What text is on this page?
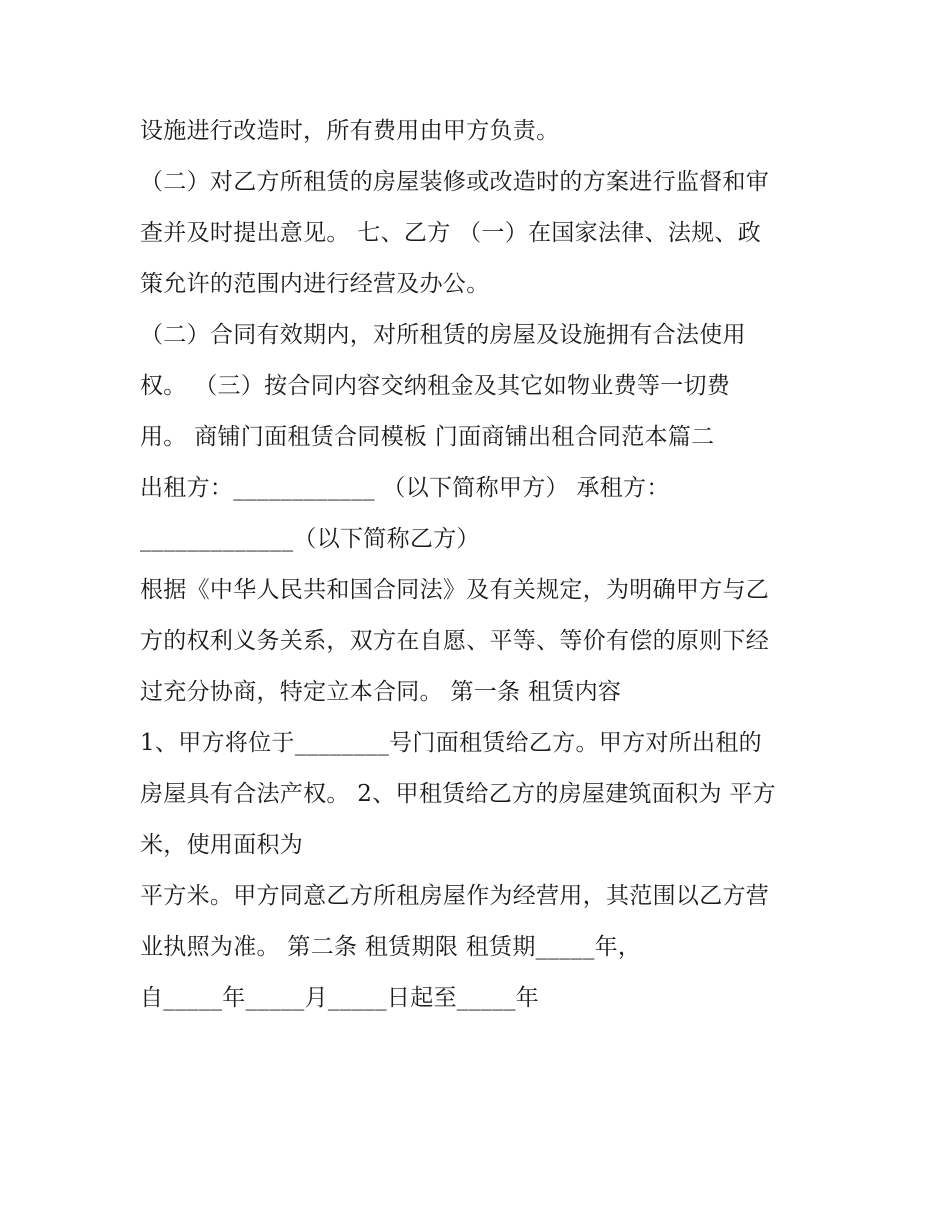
设施进行改造时，所有费用由甲方负责。
（二）对乙方所租赁的房屋装修或改造时的方案进行监督和审
查并及时提出意见。 七、乙方 （一）在国家法律、法规、政
策允许的范围内进行经营及办公。
（二）合同有效期内，对所租赁的房屋及设施拥有合法使用
权。 （三）按合同内容交纳租金及其它如物业费等一切费
用。 商铺门面租赁合同模板 门面商铺出租合同范本篇二
出租方：____________ （以下简称甲方） 承租方：
_____________（以下简称乙方）
根据《中华人民共和国合同法》及有关规定，为明确甲方与乙
方的权利义务关系，双方在自愿、平等、等价有偿的原则下经
过充分协商，特定立本合同。 第一条 租赁内容
1、甲方将位于________号门面租赁给乙方。甲方对所出租的
房屋具有合法产权。 2、甲租赁给乙方的房屋建筑面积为 平方
米，使用面积为
平方米。甲方同意乙方所租房屋作为经营用，其范围以乙方营
业执照为准。 第二条 租赁期限 租赁期_____年，
自_____年_____月_____日起至_____年
